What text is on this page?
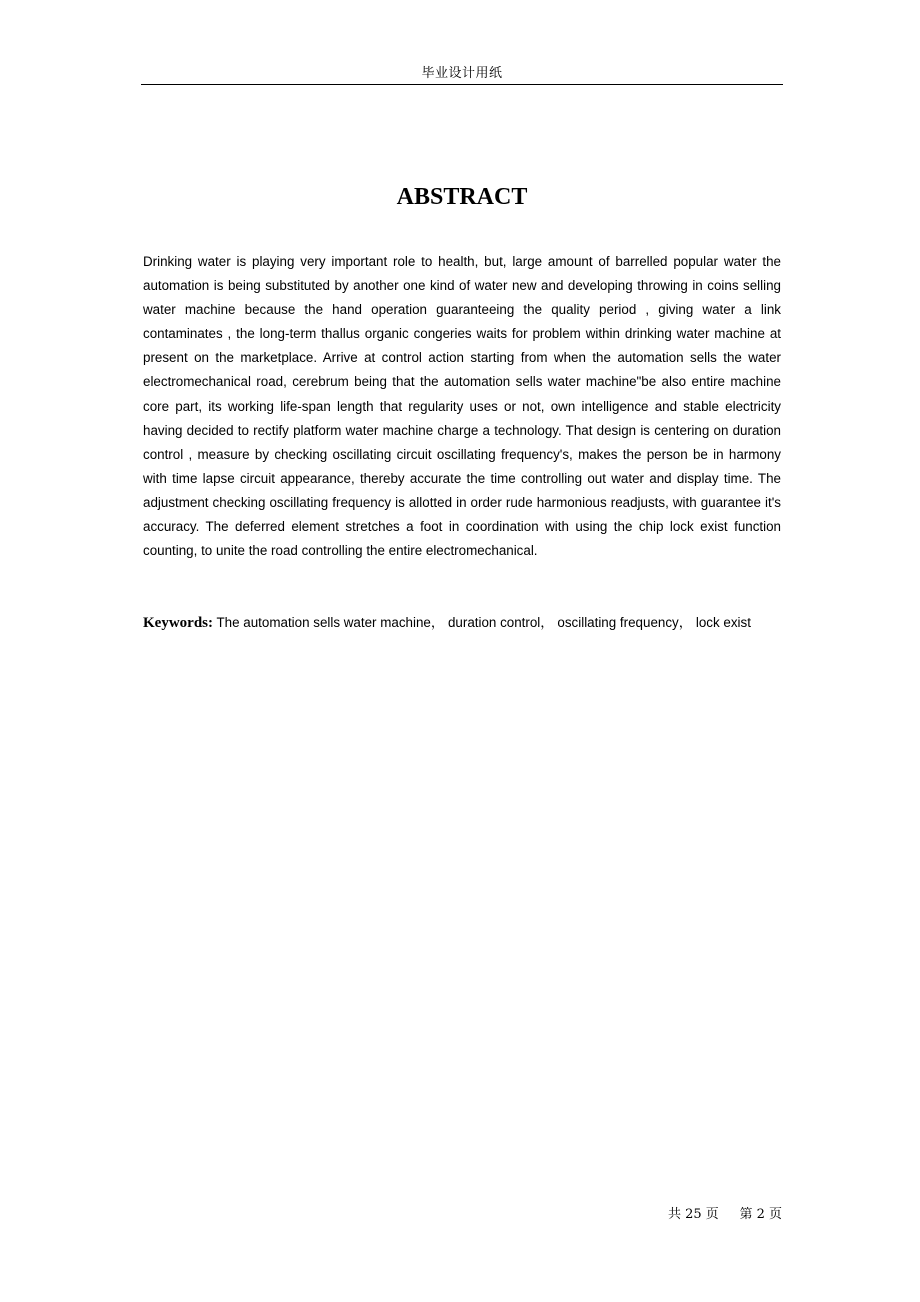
毕业设计用纸
ABSTRACT

Drinking water is playing very important role to health, but, large amount of barrelled popular water the automation is being substituted by another one kind of water new and developing throwing in coins selling water machine because the hand operation guaranteeing the quality period , giving water a link contaminates , the long-term thallus organic congeries waits for problem within drinking water machine at present on the marketplace. Arrive at control action starting from when the automation sells the water electromechanical road, cerebrum being that the automation sells water machine"be also entire machine core part, its working life-span length that regularity uses or not, own intelligence and stable electricity having decided to rectify platform water machine charge a technology. That design is centering on duration control , measure by checking oscillating circuit oscillating frequency's, makes the person be in harmony with time lapse circuit appearance, thereby accurate the time controlling out water and display time. The adjustment checking oscillating frequency is allotted in order rude harmonious readjusts, with guarantee it's accuracy. The deferred element stretches a foot in coordination with using the chip lock exist function counting, to unite the road controlling the entire electromechanical.

Keywords: The automation sells water machine， duration control， oscillating frequency， lock exist

共 25 页 第 2 页
